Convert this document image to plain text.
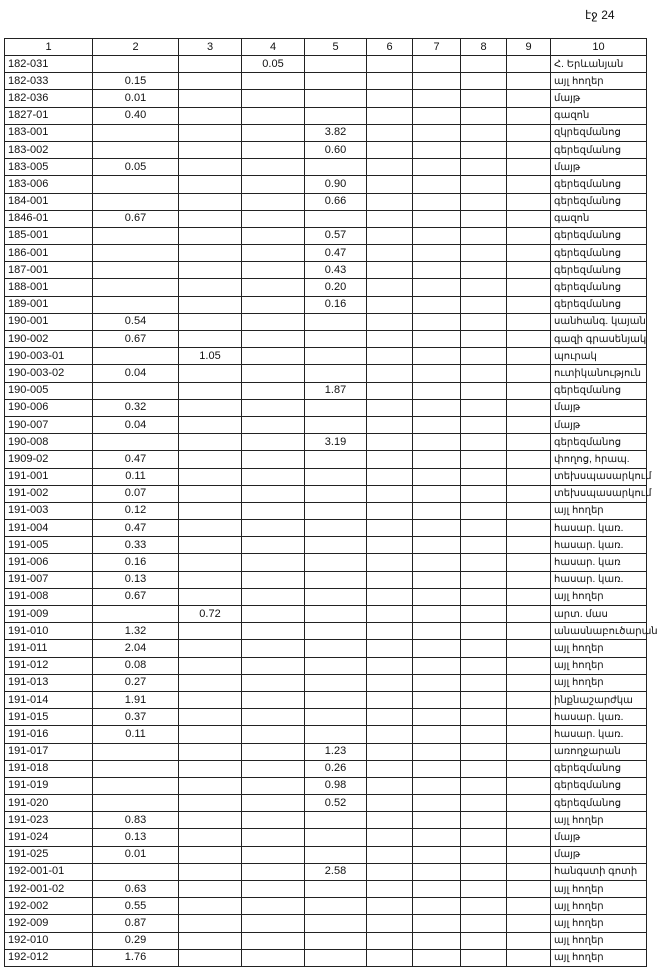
էջ 24
1	2	3	4	5	6	7	8	9	10
182-031			0.05						Հ. Երևանյան
182-033	0.15								այլ հողեր
182-036	0.01								մայթ
1827-01	0.40								գազոն
183-001				3.82					զկրեզմանոց
183-002				0.60					գերեզմանոց
183-005	0.05								մայթ
183-006				0.90					գերեզմանոց
184-001				0.66					գերեզմանոց
1846-01	0.67								գազոն
185-001				0.57					գերեզմանոց
186-001				0.47					գերեզմանոց
187-001				0.43					գերեզմանոց
188-001				0.20					գերեզմանոց
189-001				0.16					գերեզմանոց
190-001	0.54								սանհանգ. կայան
190-002	0.67								գազի գրասենյակ
190-003-01		1.05							պուրակ
190-003-02	0.04								ուտիկանություն
190-005				1.87					գերեզմանոց
190-006	0.32								մայթ
190-007	0.04								մայթ
190-008				3.19					գերեզմանոց
1909-02	0.47								փողոց, հրապ.
191-001	0.11								տեխսպասարկում
191-002	0.07								տեխսպասարկում
191-003	0.12								այլ հողեր
191-004	0.47								հասար. կառ.
191-005	0.33								հասար. կառ.
191-006	0.16								հասար. կառ
191-007	0.13								հասար. կառ.
191-008	0.67								այլ հողեր
191-009		0.72							արտ. մաս
191-010	1.32								անասնաբուծարան
191-011	2.04								այլ հողեր
191-012	0.08								այլ հողեր
191-013	0.27								այլ հողեր
191-014	1.91								ինքնաշարժկա
191-015	0.37								հասար. կառ.
191-016	0.11								հասար. կառ.
191-017				1.23					առողջարան
191-018				0.26					գերեզմանոց
191-019				0.98					գերեզմանոց
191-020				0.52					գերեզմանոց
191-023	0.83								այլ հողեր
191-024	0.13								մայթ
191-025	0.01								մայթ
192-001-01				2.58					հանգստի գոտի
192-001-02	0.63								այլ հողեր
192-002	0.55								այլ հողեր
192-009	0.87								այլ հողեր
192-010	0.29								այլ հողեր
192-012	1.76								այլ հողեր
